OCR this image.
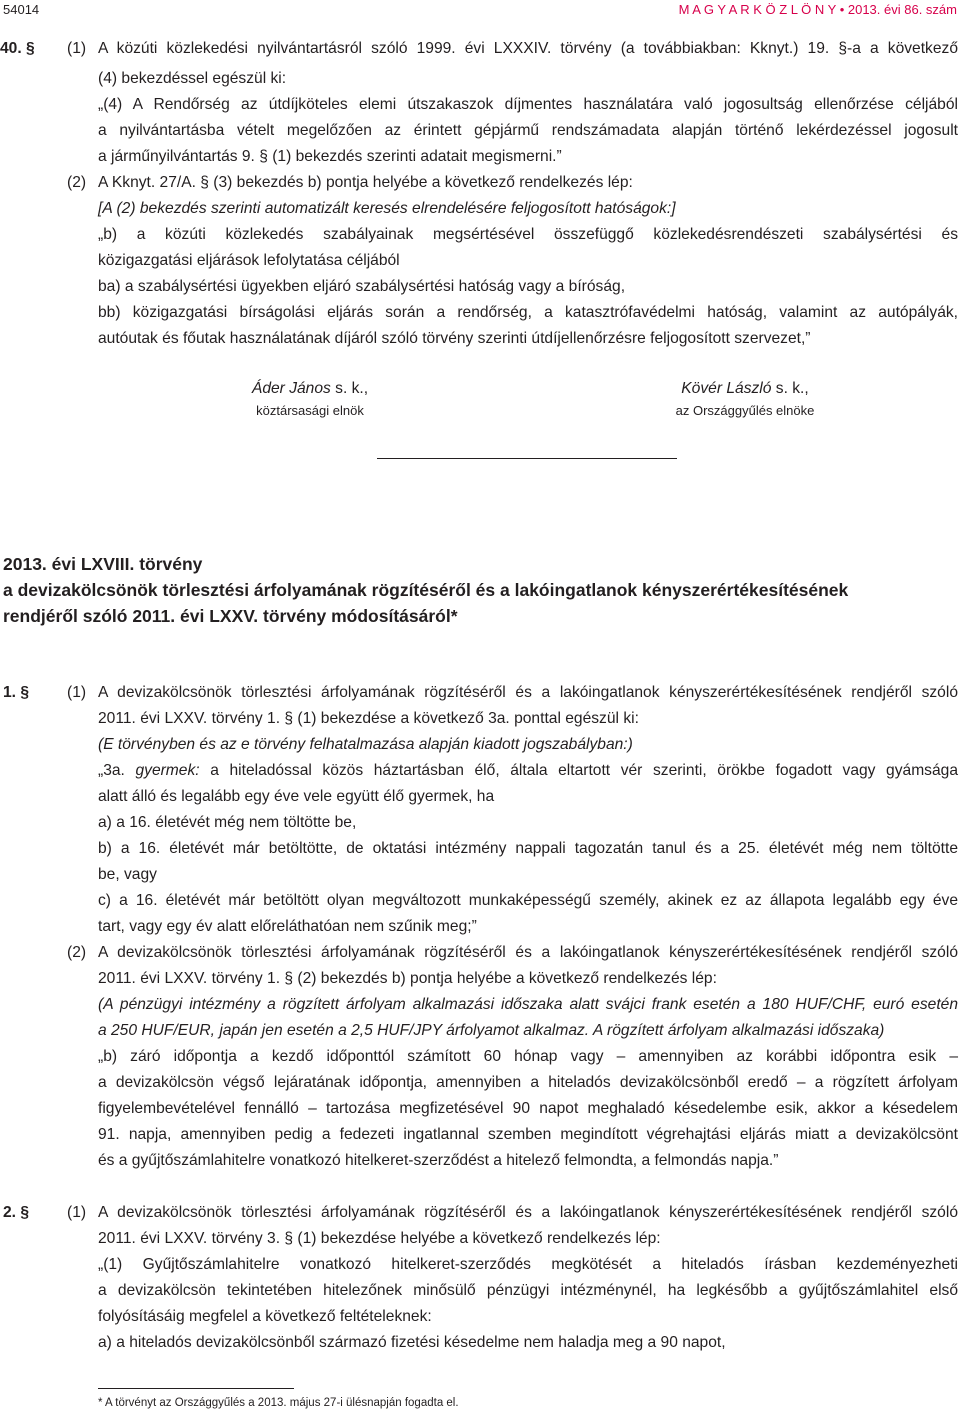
54014	M A G Y A R K Ö Z L Ö N Y • 2013. évi 86. szám
40. § (1) A közúti közlekedési nyilvántartásról szóló 1999. évi LXXXIV. törvény (a továbbiakban: Kknyt.) 19. §-a a következő
(4) bekezdéssel egészül ki:
„(4) A Rendőrség az útdíjköteles elemi útszakaszok díjmentes használatára való jogosultság ellenőrzése céljából
a nyilvántartásba vételt megelőzően az érintett gépjármű rendszámadata alapján történő lekérdezéssel jogosult
a járműnyilvántartás 9. § (1) bekezdés szerinti adatait megismerni.”
(2) A Kknyt. 27/A. § (3) bekezdés b) pontja helyébe a következő rendelkezés lép:
[A (2) bekezdés szerinti automatizált keresés elrendelésére feljogosított hatóságok:]
„b) a közúti közlekedés szabályainak megsértésével összefüggő közlekedésrendészeti szabálysértési és
közigazgatási eljárások lefolytatása céljából
ba) a szabálysértési ügyekben eljáró szabálysértési hatóság vagy a bíróság,
bb) közigazgatási bírságolási eljárás során a rendőrség, a katasztrófavédelmi hatóság, valamint az autópályák,
autóutak és főutak használatának díjáról szóló törvény szerinti útdíjellenőrzésre feljogosított szervezet,”
Áder János s. k.,
köztársasági elnök
Kövér László s. k.,
az Országgyűlés elnöke
2013. évi LXVIII. törvény
a devizakölcsönök törlesztési árfolyamának rögzítéséről és a lakóingatlanok kényszerértékesítésének
rendjéről szóló 2011. évi LXXV. törvény módosításáról*
1. § (1) A devizakölcsönök törlesztési árfolyamának rögzítéséről és a lakóingatlanok kényszerértékesítésének rendjéről szóló
2011. évi LXXV. törvény 1. § (1) bekezdése a következő 3a. ponttal egészül ki:
(E törvényben és az e törvény felhatalmazása alapján kiadott jogszabályban:)
„3a. gyermek: a hiteladóssal közös háztartásban élő, általa eltartott vér szerinti, örökbe fogadott vagy gyámsága
alatt álló és legalább egy éve vele együtt élő gyermek, ha
a) a 16. életévét még nem töltötte be,
b) a 16. életévét már betöltötte, de oktatási intézmény nappali tagozatán tanul és a 25. életévét még nem töltötte
be, vagy
c) a 16. életévét már betöltött olyan megváltozott munkaképességű személy, akinek ez az állapota legalább egy éve
tart, vagy egy év alatt előreláthatóan nem szűnik meg;”
(2) A devizakölcsönök törlesztési árfolyamának rögzítéséről és a lakóingatlanok kényszerértékesítésének rendjéről szóló
2011. évi LXXV. törvény 1. § (2) bekezdés b) pontja helyébe a következő rendelkezés lép:
(A pénzügyi intézmény a rögzített árfolyam alkalmazási időszaka alatt svájci frank esetén a 180 HUF/CHF, euró esetén
a 250 HUF/EUR, japán jen esetén a 2,5 HUF/JPY árfolyamot alkalmaz. A rögzített árfolyam alkalmazási időszaka)
„b) záró időpontja a kezdő időponttól számított 60 hónap vagy – amennyiben az korábbi időpontra esik –
a devizakölcsön végső lejáratának időpontja, amennyiben a hiteladós devizakölcsönből eredő – a rögzített árfolyam
figyelembevételével fennálló – tartozása megfizetésével 90 napot meghaladó késedelembe esik, akkor a késedelem
91. napja, amennyiben pedig a fedezeti ingatlannal szemben megindított végrehajtási eljárás miatt a devizakölcsönt
és a gyűjtőszámlahitelre vonatkozó hitelkeret-szerződést a hitelező felmondta, a felmondás napja.”
2. § (1) A devizakölcsönök törlesztési árfolyamának rögzítéséről és a lakóingatlanok kényszerértékesítésének rendjéről szóló
2011. évi LXXV. törvény 3. § (1) bekezdése helyébe a következő rendelkezés lép:
„(1) Gyűjtőszámlahitelre vonatkozó hitelkeret-szerződés megkötését a hiteladós írásban kezdeményezheti
a devizakölcsön tekintetében hitelezőnek minősülő pénzügyi intézménynél, ha legkésőbb a gyűjtőszámlahitel első
folyósításáig megfelel a következő feltételeknek:
a) a hiteladós devizakölcsönből származó fizetési késedelme nem haladja meg a 90 napot,
* A törvényt az Országgyűlés a 2013. május 27-i ülésnapján fogadta el.
